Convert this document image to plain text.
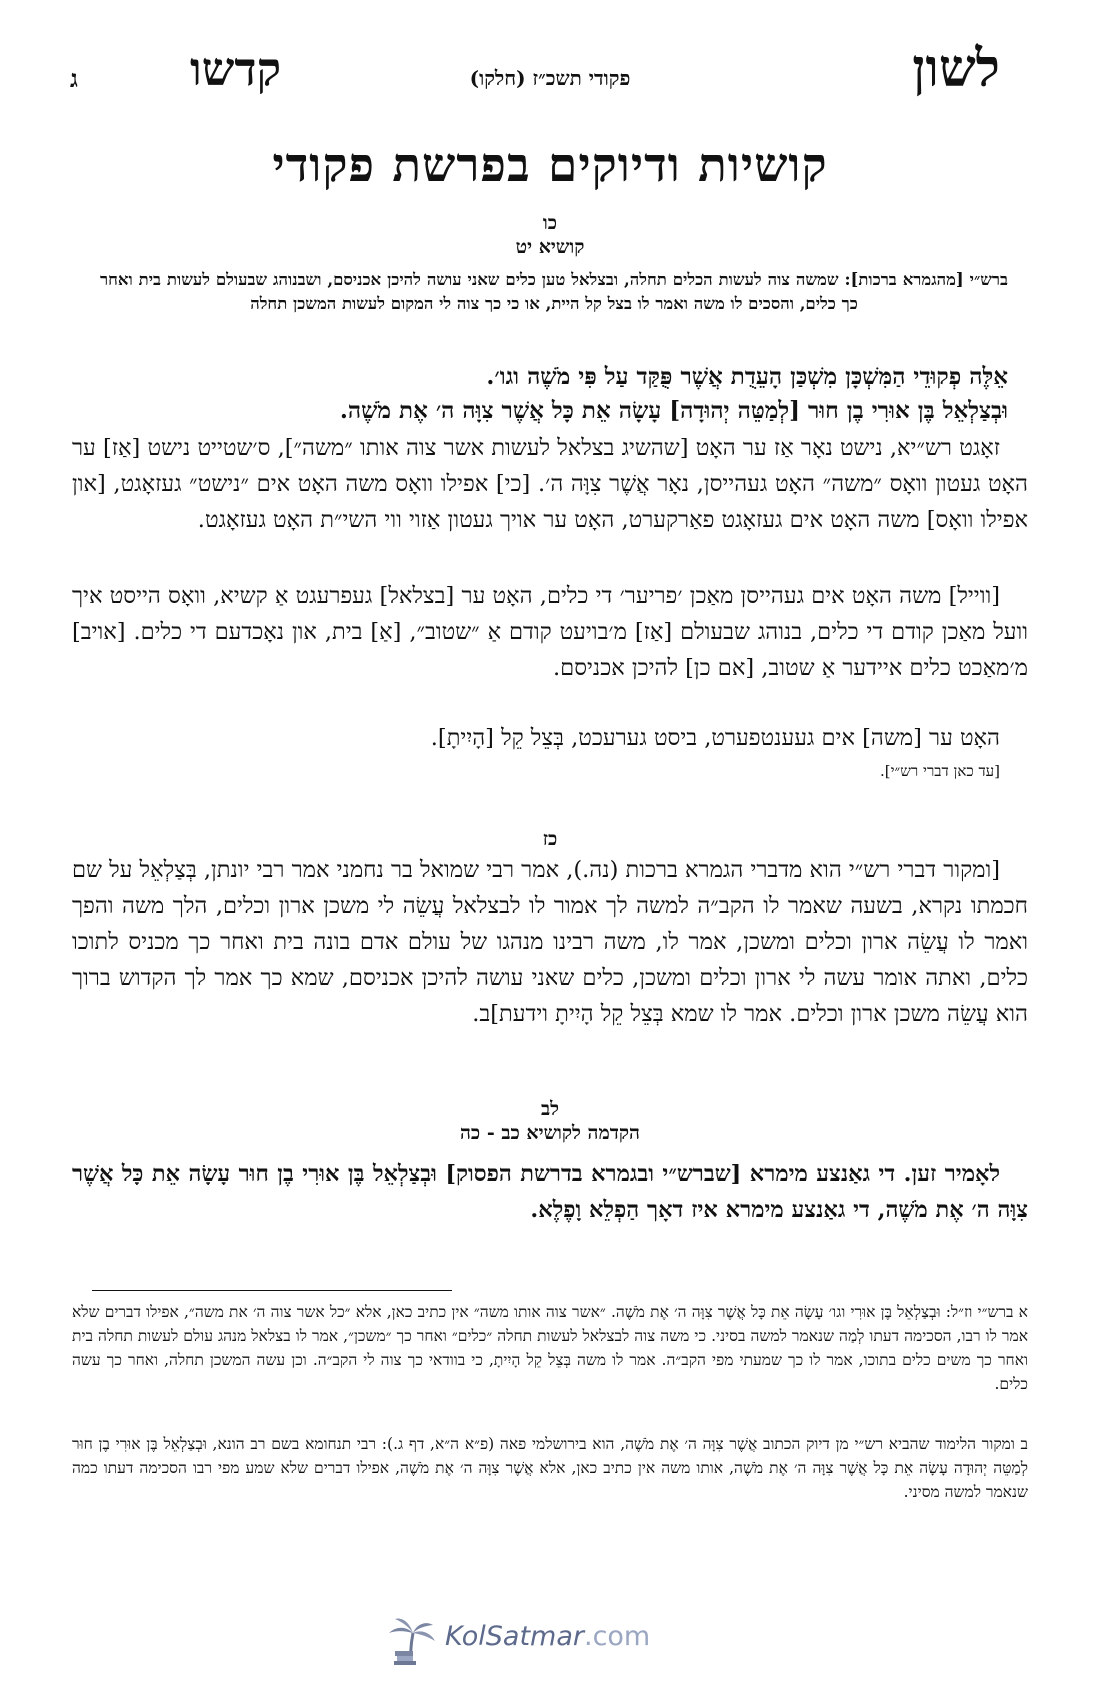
לשון
פקודי תשכ״ז (חלקו)
קדשו
ג
קושיות ודיוקים בפרשת פקודי
כו
קושיא יט
ברש״י [מהגמרא ברכות]: שמשה צוה לעשות הכלים תחלה, ובצלאל טען כלים שאני עושה להיכן אכניסם, ושבנוהג שבעולם לעשות בית ואחר כך כלים, והסכים לו משה ואמר לו בצל קל היית, או כי כך צוה לי המקום לעשות המשכן תחלה
אֵלֶּה פְקוּדֵי הַמִּשְׁכָּן מִשְׁכַּן הָעֵדֻת אֲשֶׁר פֻּקַּד עַל פִּי מֹשֶׁה וגו׳.
וּבְצַלְאֵל בֶּן אוּרִי בֶן חוּר [לְמַטֵּה יְהוּדָה] עָשָׂה אֵת כָּל אֲשֶׁר צִוָּה ה׳ אֶת מֹשֶׁה.
זאָגט רש״יא, נישט נאָר אַז ער האָט [שהשיג בצלאל לעשות אשר צוה אותו ״משה״], ס׳שטייט נישט [אַז] ער האָט געטון וואָס ״משה״ האָט געהייסן, נאָר אֲשֶׁר צִוָּה ה׳. [כי] אפילו וואָס משה האָט אים ״נישט״ געזאָגט, [און אפילו וואָס] משה האָט אים געזאָגט פאַרקערט, האָט ער אויך געטון אַזוי ווי השי״ת האָט געזאָגט.
[ווייל] משה האָט אים געהייסן מאַכן ׳פריער׳ די כלים, האָט ער [בצלאל] געפרעגט אַ קשיא, וואָס הייסט איך וועל מאַכן קודם די כלים, בנוהג שבעולם [אַז] מ׳בויעט קודם אַ ״שטוב״, [אַ] בית, און נאָכדעם די כלים. [אויב] מ׳מאַכט כלים איידער אַ שטוב, [אם כן] להיכן אכניסם.
האָט ער [משה] אים געענטפערט, ביסט גערעכט, בְּצֵל קֵל [הָיִיתָ].
[עד כאן דברי רש״י].
כז
[ומקור דברי רש״י הוא מדברי הגמרא ברכות (נה.), אמר רבי שמואל בר נחמני אמר רבי יונתן, בְּצַלְאֵל על שם חכמתו נקרא, בשעה שאמר לו הקב״ה למשה לך אמור לו לבצלאל עֲשֵׂה לי משכן ארון וכלים, הלך משה והפך ואמר לו עֲשֵׂה ארון וכלים ומשכן, אמר לו, משה רבינו מנהגו של עולם אדם בונה בית ואחר כך מכניס לתוכו כלים, ואתה אומר עשה לי ארון וכלים ומשכן, כלים שאני עושה להיכן אכניסם, שמא כך אמר לך הקדוש ברוך הוא עֲשֵׂה משכן ארון וכלים. אמר לו שמא בְּצֵל קֵל הָיִיתָ וידעת]ב.
לב
הקדמה לקושיא כב - כה
לאָמיר זען. די גאַנצע מימרא [שברש״י ובגמרא בדרשת הפסוק] וּבְצַלְאֵל בֶּן אוּרִי בֶן חוּר עָשָׂה אֵת כָּל אֲשֶׁר צִוָּה ה׳ אֶת מֹשֶׁה, די גאַנצע מימרא איז דאָך הַפְלֵא וָפֶלֶא.
א ברש״י וז״ל: וּבְצַלְאֵל בֶּן אוּרִי וגו׳ עָשָׂה אֵת כָּל אֲשֶׁר צִוָּה ה׳ אֶת מֹשֶׁה. ״אשר צוה אותו משה״ אין כתיב כאן, אלא ״כל אשר צוה ה׳ את משה״, אפילו דברים שלא אמר לו רבו, הסכימה דעתו לְמַה שנאמר למשה בסיני. כי משה צוה לבצלאל לעשות תחלה ״כלים״ ואחר כך ״משכן״, אמר לו בצלאל מנהג עולם לעשות תחלה בית ואחר כך משים כלים בתוכו, אמר לו כך שמעתי מפי הקב״ה. אמר לו משה בְּצֵל קֵל הָיִיתָ, כי בוודאי כך צוה לי הקב״ה. וכן עשה המשכן תחלה, ואחר כך עשה כלים.
ב ומקור הלימוד שהביא רש״י מן דיוק הכתוב אֲשֶׁר צִוָּה ה׳ אֶת מֹשֶׁה, הוא בירושלמי פאה (פ״א ה״א, דף ג.): רבי תנחומא בשם רב הונא, וּבְצַלְאֵל בֶּן אוּרִי בֶן חוּר לְמַטֵּה יְהוּדָה עָשָׂה אֵת כָּל אֲשֶׁר צִוָּה ה׳ אֶת מֹשֶׁה, אותו משה אין כתיב כאן, אלא אֲשֶׁר צִוָּה ה׳ אֶת מֹשֶׁה, אפילו דברים שלא שמע מפי רבו הסכימה דעתו כמה שנאמר למשה מסיני.
KolSatmar.com
